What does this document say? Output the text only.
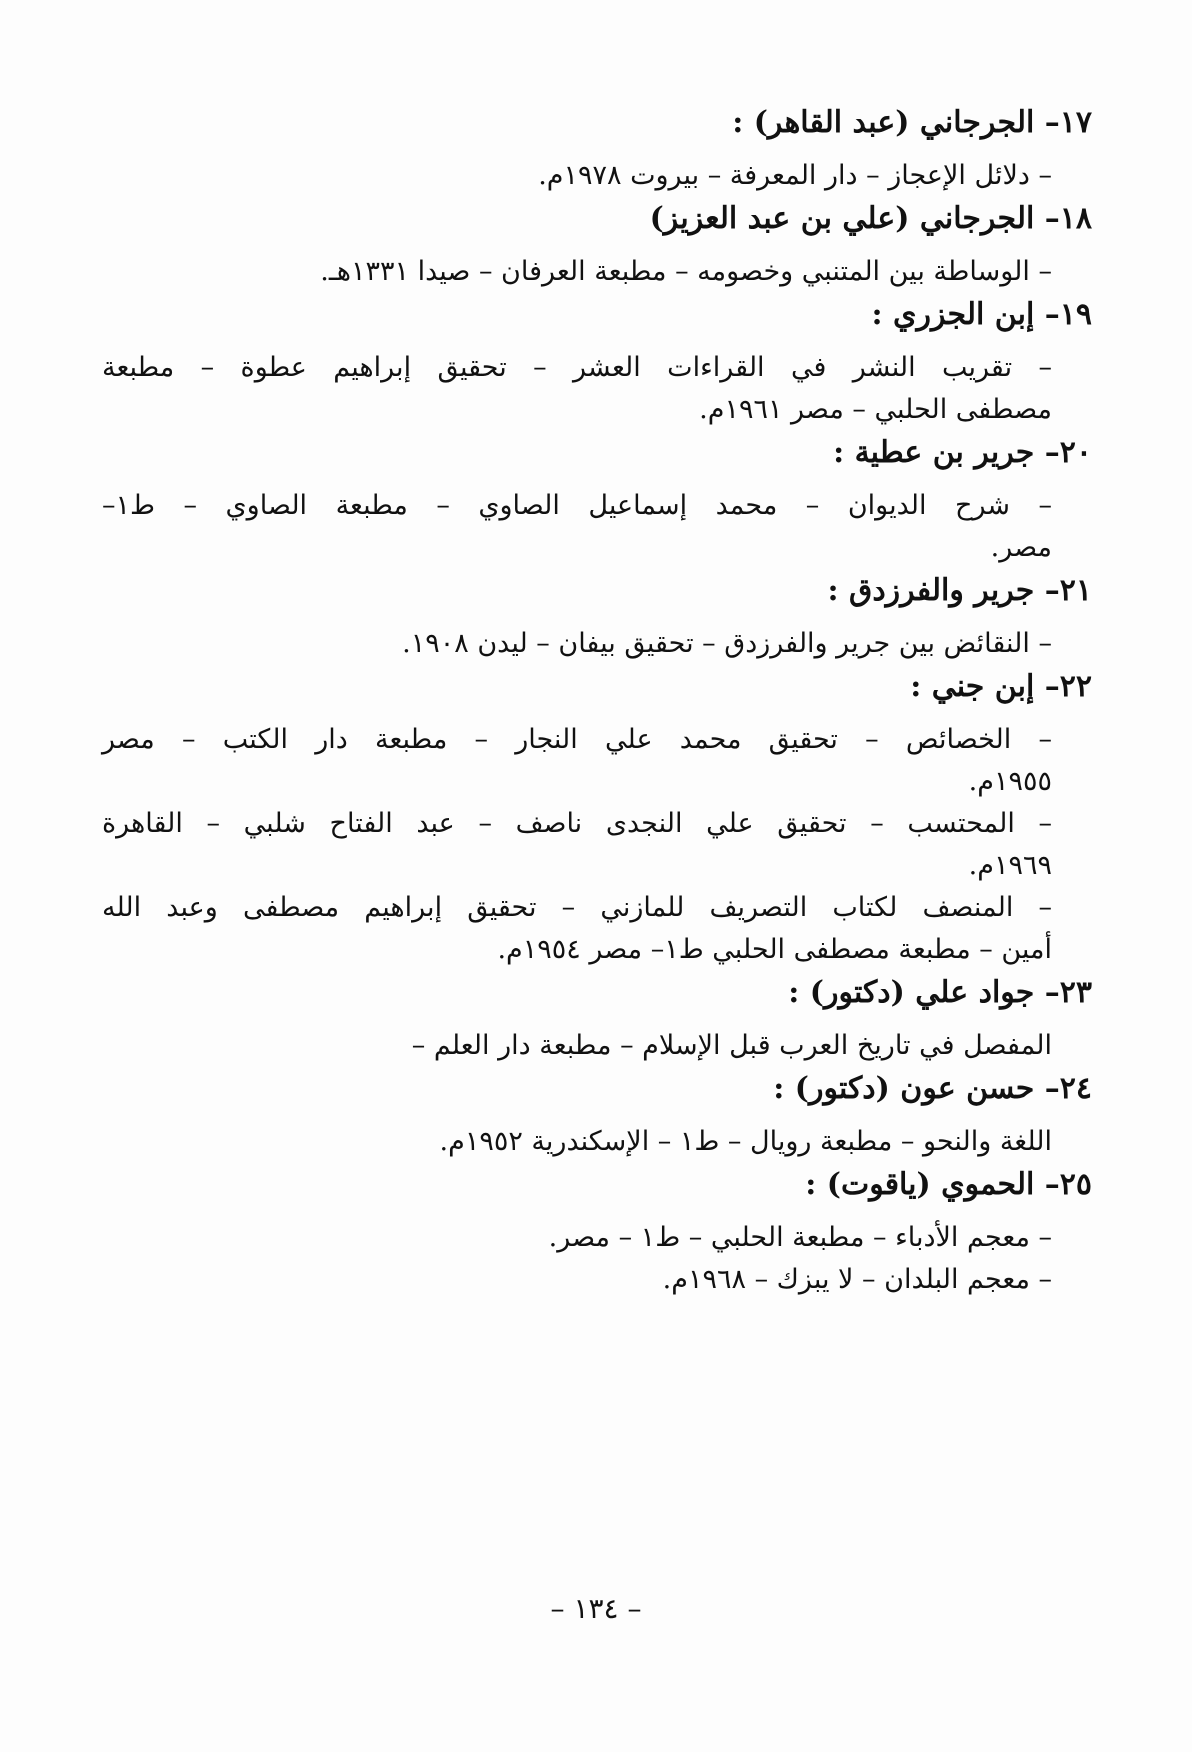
١٧– الجرجاني (عبد القاهر) :
– دلائل الإعجاز – دار المعرفة – بيروت ١٩٧٨م.
١٨– الجرجاني (علي بن عبد العزيز)
– الوساطة بين المتنبي وخصومه – مطبعة العرفان – صيدا ١٣٣١هـ.
١٩– إبن الجزري :
– تقريب النشر في القراءات العشر – تحقيق إبراهيم عطوة – مطبعة
مصطفى الحلبي – مصر ١٩٦١م.
٢٠– جرير بن عطية :
– شرح الديوان – محمد إسماعيل الصاوي – مطبعة الصاوي – ط١–
مصر.
٢١– جرير والفرزدق :
– النقائض بين جرير والفرزدق – تحقيق بيفان – ليدن ١٩٠٨.
٢٢– إبن جني :
– الخصائص – تحقيق محمد علي النجار – مطبعة دار الكتب – مصر
١٩٥٥م.
– المحتسب – تحقيق علي النجدى ناصف – عبد الفتاح شلبي – القاهرة
١٩٦٩م.
– المنصف لكتاب التصريف للمازني – تحقيق إبراهيم مصطفى وعبد الله
أمين – مطبعة مصطفى الحلبي ط١– مصر ١٩٥٤م.
٢٣– جواد علي (دكتور) :
المفصل في تاريخ العرب قبل الإسلام – مطبعة دار العلم –
٢٤– حسن عون (دكتور) :
اللغة والنحو – مطبعة رويال – ط١ – الإسكندرية ١٩٥٢م.
٢٥– الحموي (ياقوت) :
– معجم الأدباء – مطبعة الحلبي – ط١ – مصر.
– معجم البلدان – لا يبزك – ١٩٦٨م.
– ١٣٤ –
